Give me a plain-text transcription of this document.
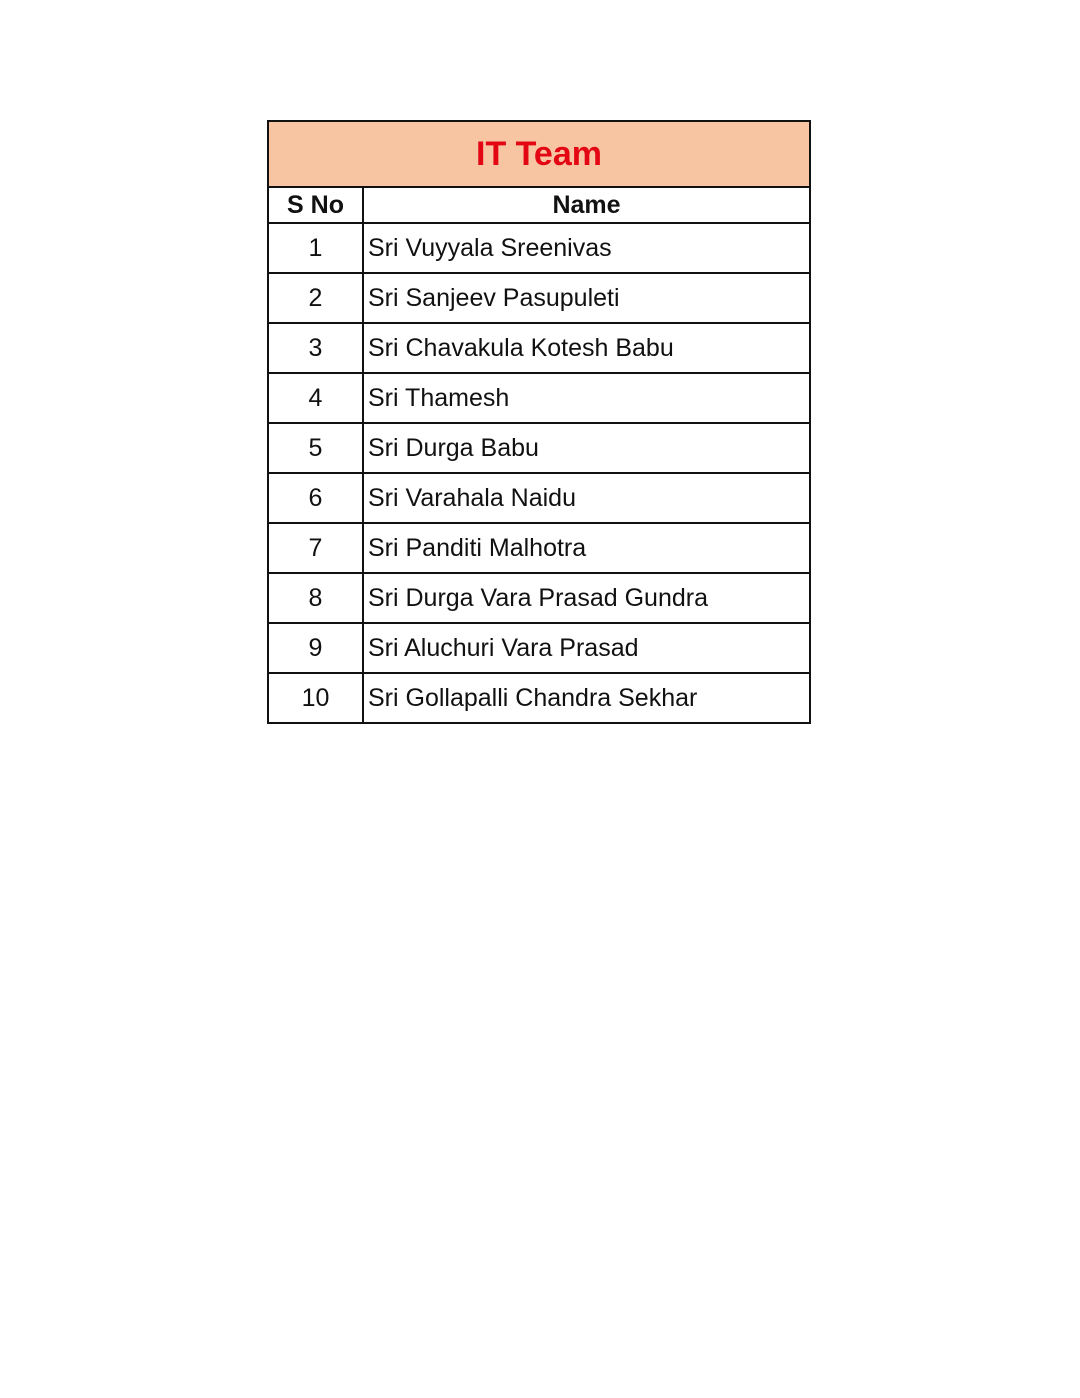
IT Team	
S No	Name
1	Sri Vuyyala Sreenivas
2	Sri Sanjeev Pasupuleti
3	Sri Chavakula Kotesh Babu
4	Sri Thamesh
5	Sri Durga Babu
6	Sri Varahala Naidu
7	Sri Panditi Malhotra
8	Sri Durga Vara Prasad Gundra
9	Sri Aluchuri Vara Prasad
10	Sri Gollapalli Chandra Sekhar
